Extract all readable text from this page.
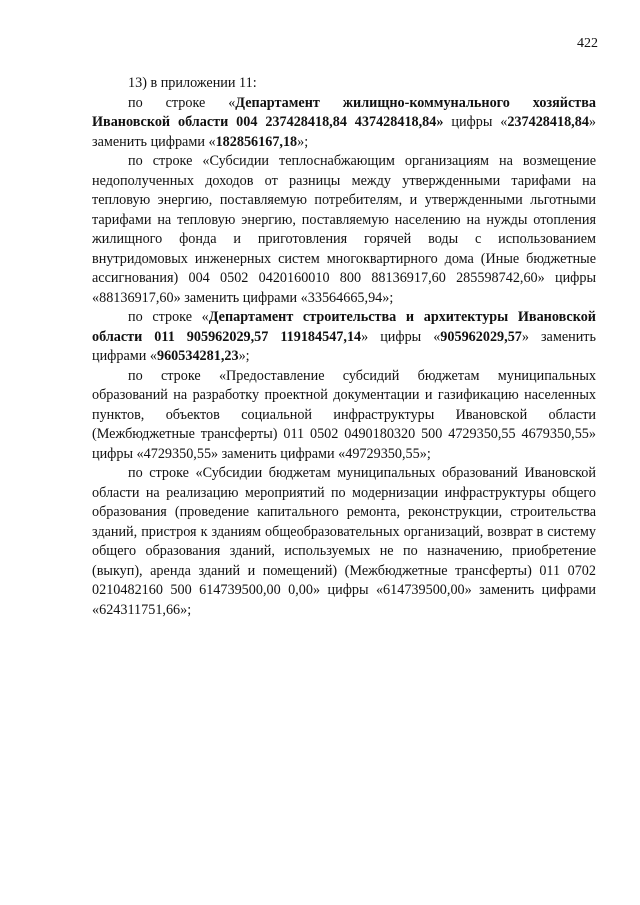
422

13) в приложении 11:

по строке «Департамент жилищно-коммунального хозяйства Ивановской области 004 237428418,84 437428418,84» цифры «237428418,84» заменить цифрами «182856167,18»;

по строке «Субсидии теплоснабжающим организациям на возмещение недополученных доходов от разницы между утвержденными тарифами на тепловую энергию, поставляемую потребителям, и утвержденными льготными тарифами на тепловую энергию, поставляемую населению на нужды отопления жилищного фонда и приготовления горячей воды с использованием внутридомовых инженерных систем многоквартирного дома (Иные бюджетные ассигнования) 004 0502 0420160010 800 88136917,60 285598742,60» цифры «88136917,60» заменить цифрами «33564665,94»;

по строке «Департамент строительства и архитектуры Ивановской области 011 905962029,57 119184547,14» цифры «905962029,57» заменить цифрами «960534281,23»;

по строке «Предоставление субсидий бюджетам муниципальных образований на разработку проектной документации и газификацию населенных пунктов, объектов социальной инфраструктуры Ивановской области (Межбюджетные трансферты) 011 0502 0490180320 500 4729350,55 4679350,55» цифры «4729350,55» заменить цифрами «49729350,55»;

по строке «Субсидии бюджетам муниципальных образований Ивановской области на реализацию мероприятий по модернизации инфраструктуры общего образования (проведение капитального ремонта, реконструкции, строительства зданий, пристроя к зданиям общеобразовательных организаций, возврат в систему общего образования зданий, используемых не по назначению, приобретение (выкуп), аренда зданий и помещений) (Межбюджетные трансферты) 011 0702 0210482160 500 614739500,00 0,00» цифры «614739500,00» заменить цифрами «624311751,66»;
